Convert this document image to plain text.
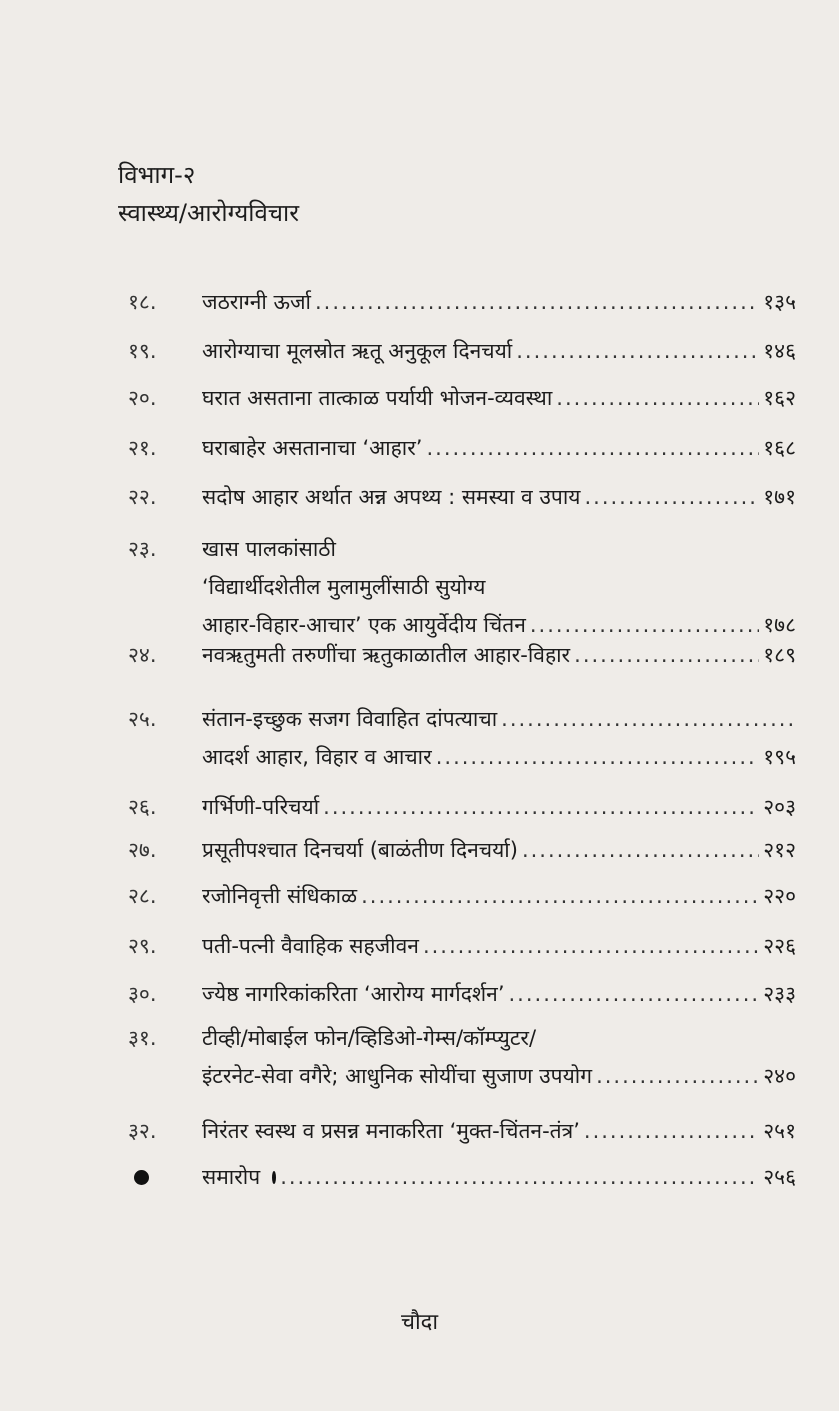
विभाग-२
स्वास्थ्य/आरोग्यविचार
१८.	जठराग्नी ऊर्जा .....	१३५
१९.	आरोग्याचा मूलस्रोत ऋतू अनुकूल दिनचर्या .....	१४६
२०.	घरात असताना तात्काळ पर्यायी भोजन-व्यवस्था .....	१६२
२१.	घराबाहेर असतानाचा ‘आहार’ .....	१६८
२२.	सदोष आहार अर्थात अन्न अपथ्य : समस्या व उपाय .....	१७१
२३.	खास पालकांसाठी
‘विद्यार्थीदशेतील मुलामुलींसाठी सुयोग्य
आहार-विहार-आचार’ एक आयुर्वेदीय चिंतन .....	१७८
२४.	नवऋतुमती तरुणींचा ऋतुकाळातील आहार-विहार .....	१८९
२५.	संतान-इच्छुक सजग विवाहित दांपत्याचा
.....
आदर्श आहार, विहार व आचार .....	१९५
२६.	गर्भिणी-परिचर्या .....	२०३
२७.	प्रसूतीपश्चात दिनचर्या (बाळंतीण दिनचर्या) .....	२१२
२८.	रजोनिवृत्ती संधिकाळ .....	२२०
२९.	पती-पत्नी वैवाहिक सहजीवन .....	२२६
३०.	ज्येष्ठ नागरिकांकरिता ‘आरोग्य मार्गदर्शन’ .....	२३३
३१.	टीव्ही/मोबाईल फोन/व्हिडिओ-गेम्स/कॉम्प्युटर/
इंटरनेट-सेवा वगैरे; आधुनिक सोयींचा सुजाण उपयोग .....	२४०
३२.	निरंतर स्वस्थ व प्रसन्न मनाकरिता ‘मुक्त-चिंतन-तंत्र’ .....	२५१
समारोप .....	२५६
चौदा
